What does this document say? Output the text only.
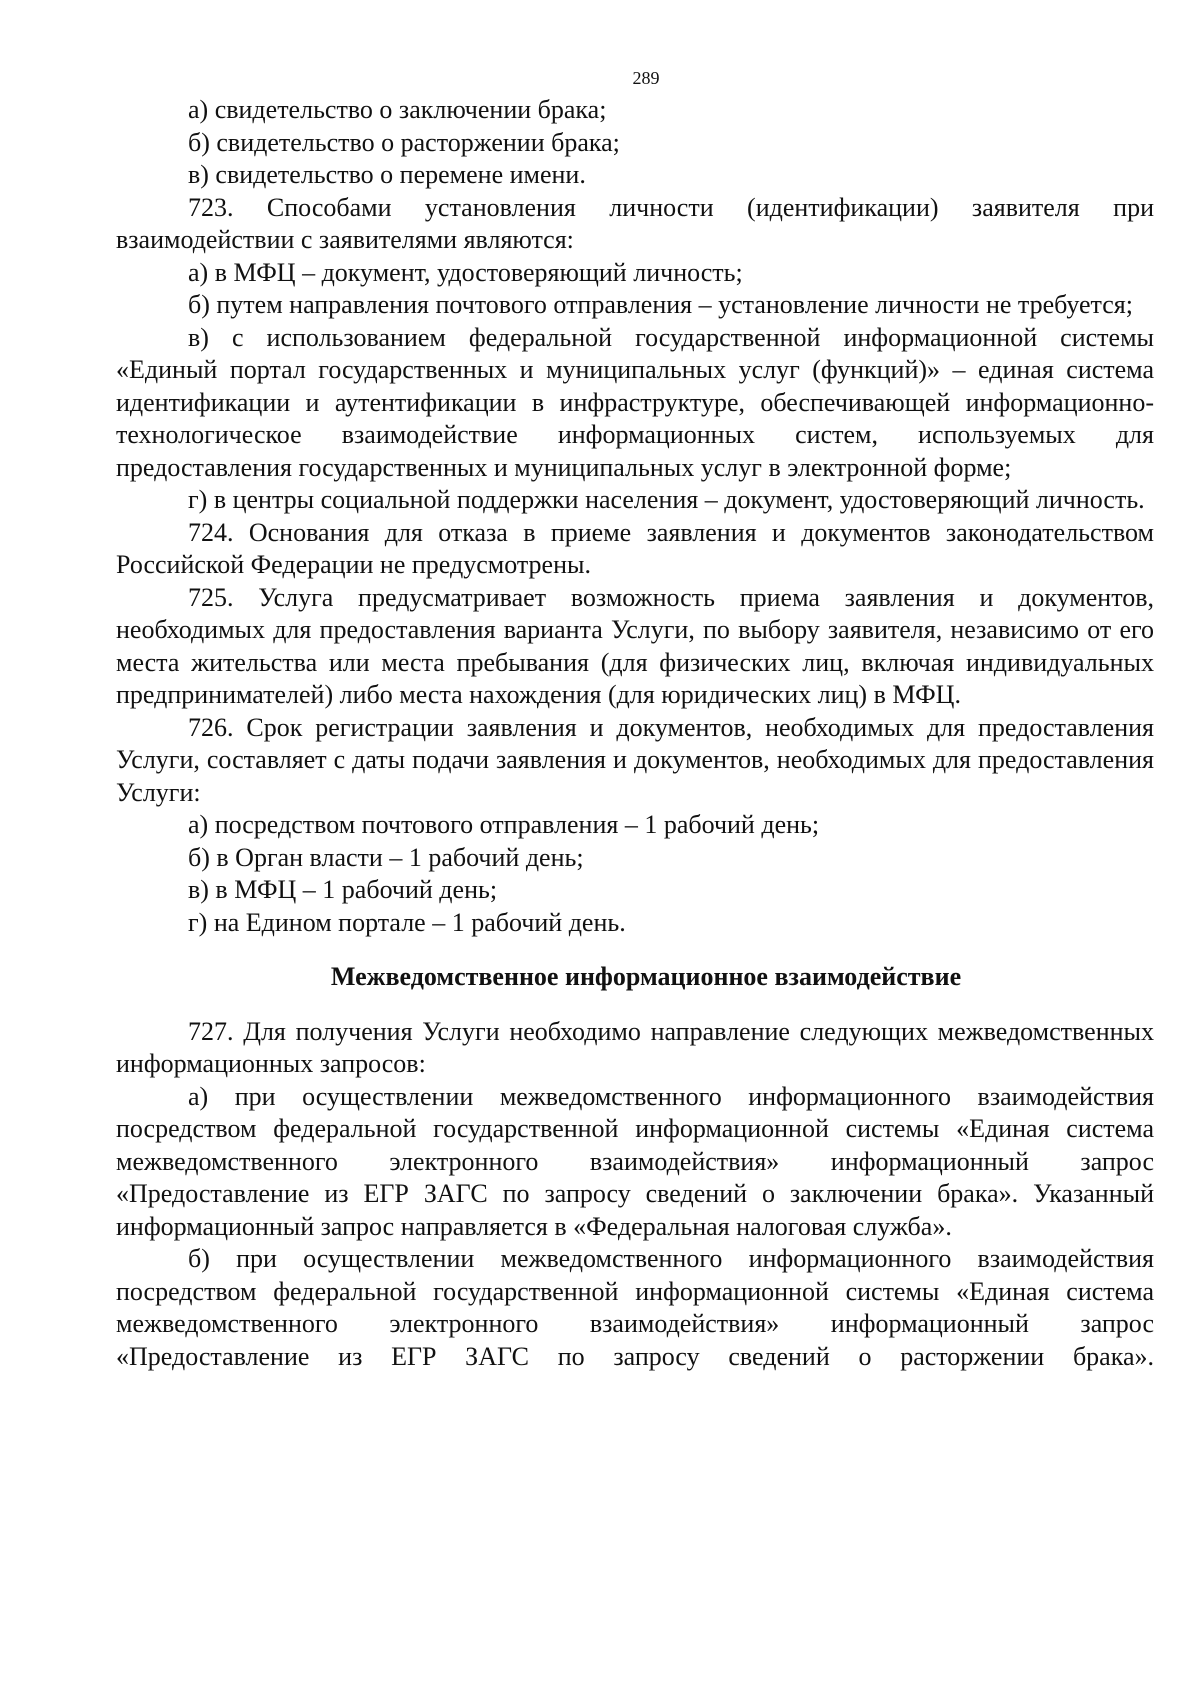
289

а) свидетельство о заключении брака;

б) свидетельство о расторжении брака;

в) свидетельство о перемене имени.

723. Способами установления личности (идентификации) заявителя при взаимодействии с заявителями являются:

а) в МФЦ – документ, удостоверяющий личность;

б) путем направления почтового отправления – установление личности не требуется;

в) с использованием федеральной государственной информационной системы «Единый портал государственных и муниципальных услуг (функций)» – единая система идентификации и аутентификации в инфраструктуре, обеспечивающей информационно-технологическое взаимодействие информационных систем, используемых для предоставления государственных и муниципальных услуг в электронной форме;

г) в центры социальной поддержки населения – документ, удостоверяющий личность.

724. Основания для отказа в приеме заявления и документов законодательством Российской Федерации не предусмотрены.

725. Услуга предусматривает возможность приема заявления и документов, необходимых для предоставления варианта Услуги, по выбору заявителя, независимо от его места жительства или места пребывания (для физических лиц, включая индивидуальных предпринимателей) либо места нахождения (для юридических лиц) в МФЦ.

726. Срок регистрации заявления и документов, необходимых для предоставления Услуги, составляет с даты подачи заявления и документов, необходимых для предоставления Услуги:

а) посредством почтового отправления – 1 рабочий день;

б) в Орган власти – 1 рабочий день;

в) в МФЦ – 1 рабочий день;

г) на Едином портале – 1 рабочий день.

Межведомственное информационное взаимодействие

727. Для получения Услуги необходимо направление следующих межведомственных информационных запросов:

а) при осуществлении межведомственного информационного взаимодействия посредством федеральной государственной информационной системы «Единая система межведомственного электронного взаимодействия» информационный запрос «Предоставление из ЕГР ЗАГС по запросу сведений о заключении брака». Указанный информационный запрос направляется в «Федеральная налоговая служба».

б) при осуществлении межведомственного информационного взаимодействия посредством федеральной государственной информационной системы «Единая система межведомственного электронного взаимодействия» информационный запрос «Предоставление из ЕГР ЗАГС по запросу сведений о расторжении брака».
